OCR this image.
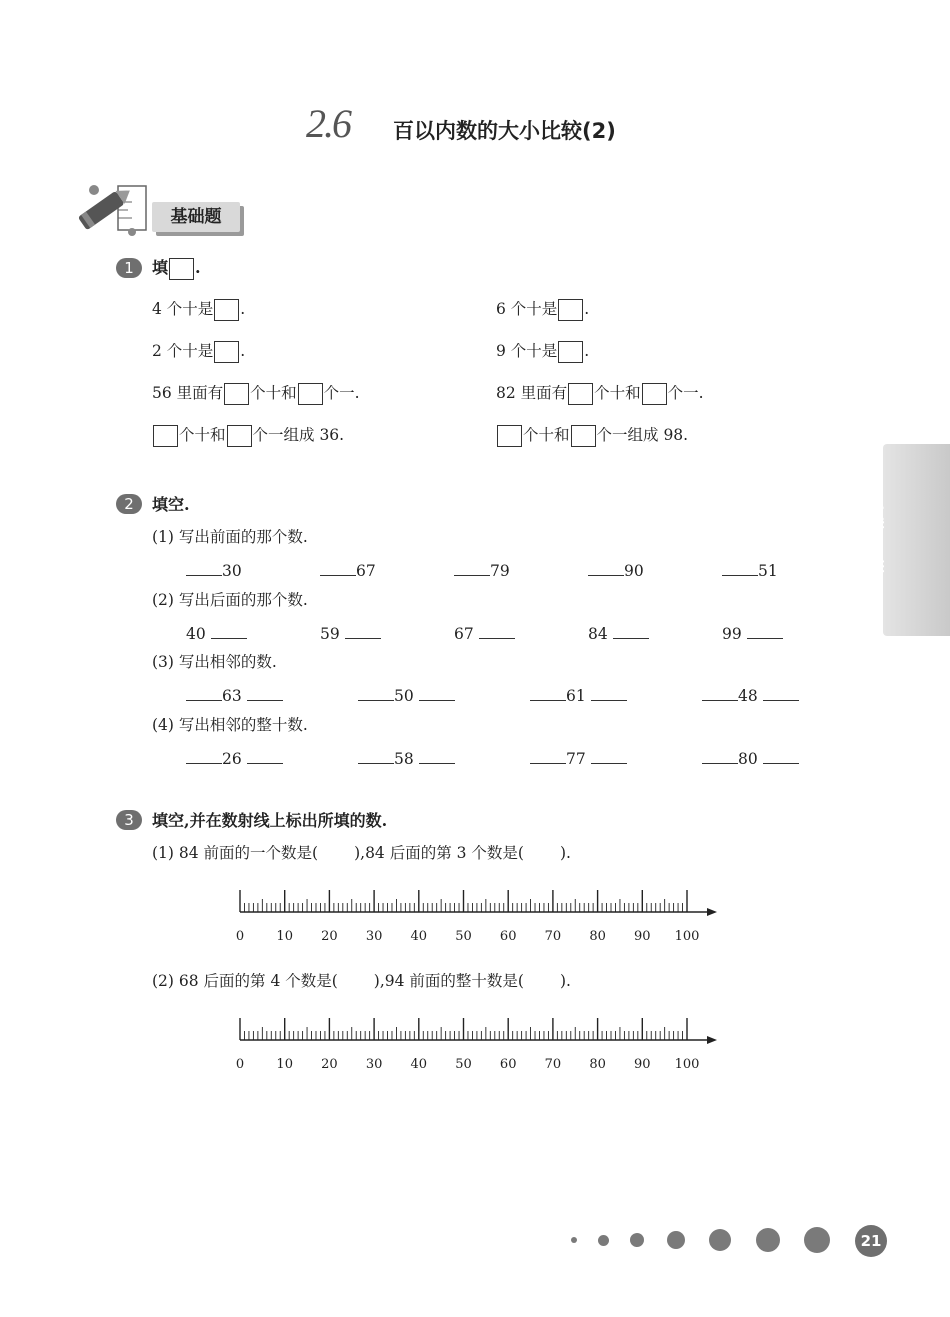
2.6 百以内数的大小比较(2)
基础题
1	填 .
4 个十是 .	6 个十是 .
2 个十是 .	9 个十是 .
56 里面有 个十和 个一.	82 里面有 个十和 个一.
个十和 个一组成 36.	个十和 个一组成 98.
2	填空.
(1) 写出前面的那个数.
30	67	79	90	51
(2) 写出后面的那个数.
40	59	67	84	99
(3) 写出相邻的数.
63	50	61	48
(4) 写出相邻的整十数.
26	58	77	80
3	填空,并在数射线上标出所填的数.
(1) 84 前面的一个数是( ),84 后面的第 3 个数是( ).
0 10 20 30 40 50 60 70 80 90 100
(2) 68 后面的第 4 个数是( ),94 前面的整十数是( ).
0 10 20 30 40 50 60 70 80 90 100
Yikeyilian
21
